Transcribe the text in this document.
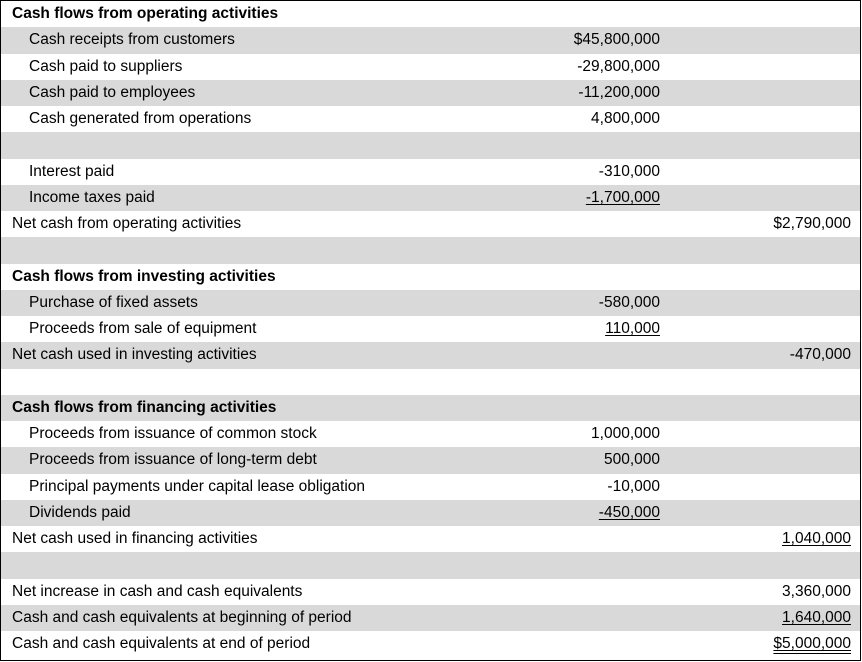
Cash flows from operating activities
Cash receipts from customers	$45,800,000
Cash paid to suppliers	-29,800,000
Cash paid to employees	-11,200,000
Cash generated from operations	4,800,000
Interest paid	-310,000
Income taxes paid	-1,700,000
Net cash from operating activities	$2,790,000
Cash flows from investing activities
Purchase of fixed assets	-580,000
Proceeds from sale of equipment	110,000
Net cash used in investing activities	-470,000
Cash flows from financing activities
Proceeds from issuance of common stock	1,000,000
Proceeds from issuance of long-term debt	500,000
Principal payments under capital lease obligation	-10,000
Dividends paid	-450,000
Net cash used in financing activities	1,040,000
Net increase in cash and cash equivalents	3,360,000
Cash and cash equivalents at beginning of period	1,640,000
Cash and cash equivalents at end of period	$5,000,000
